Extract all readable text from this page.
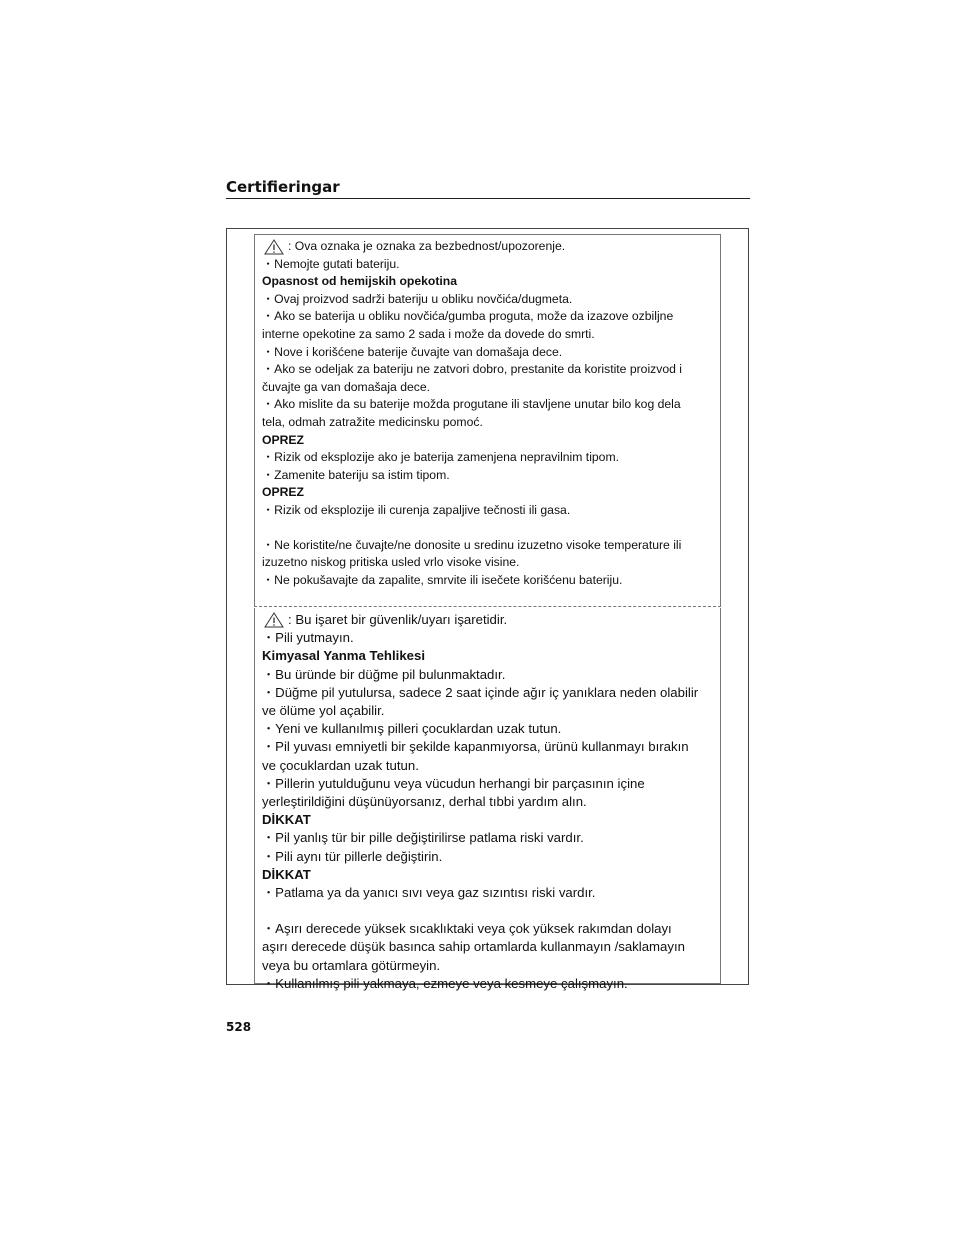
Certifieringar
: Ova oznaka je oznaka za bezbednost/upozorenje.
・Nemojte gutati bateriju.
Opasnost od hemijskih opekotina
・Ovaj proizvod sadrži bateriju u obliku novčića/dugmeta.
・Ako se baterija u obliku novčića/gumba proguta, može da izazove ozbiljne
interne opekotine za samo 2 sada i može da dovede do smrti.
・Nove i korišćene baterije čuvajte van domašaja dece.
・Ako se odeljak za bateriju ne zatvori dobro, prestanite da koristite proizvod i
čuvajte ga van domašaja dece.
・Ako mislite da su baterije možda progutane ili stavljene unutar bilo kog dela
tela, odmah zatražite medicinsku pomoć.
OPREZ
・Rizik od eksplozije ako je baterija zamenjena nepravilnim tipom.
・Zamenite bateriju sa istim tipom.
OPREZ
・Rizik od eksplozije ili curenja zapaljive tečnosti ili gasa.
・Ne koristite/ne čuvajte/ne donosite u sredinu izuzetno visoke temperature ili
izuzetno niskog pritiska usled vrlo visoke visine.
・Ne pokušavajte da zapalite, smrvite ili isečete korišćenu bateriju.
: Bu işaret bir güvenlik/uyarı işaretidir.
・Pili yutmayın.
Kimyasal Yanma Tehlikesi
・Bu üründe bir düğme pil bulunmaktadır.
・Düğme pil yutulursa, sadece 2 saat içinde ağır iç yanıklara neden olabilir
ve ölüme yol açabilir.
・Yeni ve kullanılmış pilleri çocuklardan uzak tutun.
・Pil yuvası emniyetli bir şekilde kapanmıyorsa, ürünü kullanmayı bırakın
ve çocuklardan uzak tutun.
・Pillerin yutulduğunu veya vücudun herhangi bir parçasının içine
yerleştirildiğini düşünüyorsanız, derhal tıbbi yardım alın.
DİKKAT
・Pil yanlış tür bir pille değiştirilirse patlama riski vardır.
・Pili aynı tür pillerle değiştirin.
DİKKAT
・Patlama ya da yanıcı sıvı veya gaz sızıntısı riski vardır.
・Aşırı derecede yüksek sıcaklıktaki veya çok yüksek rakımdan dolayı
aşırı derecede düşük basınca sahip ortamlarda kullanmayın /saklamayın
veya bu ortamlara götürmeyin.
・Kullanılmış pili yakmaya, ezmeye veya kesmeye çalışmayın.
528
